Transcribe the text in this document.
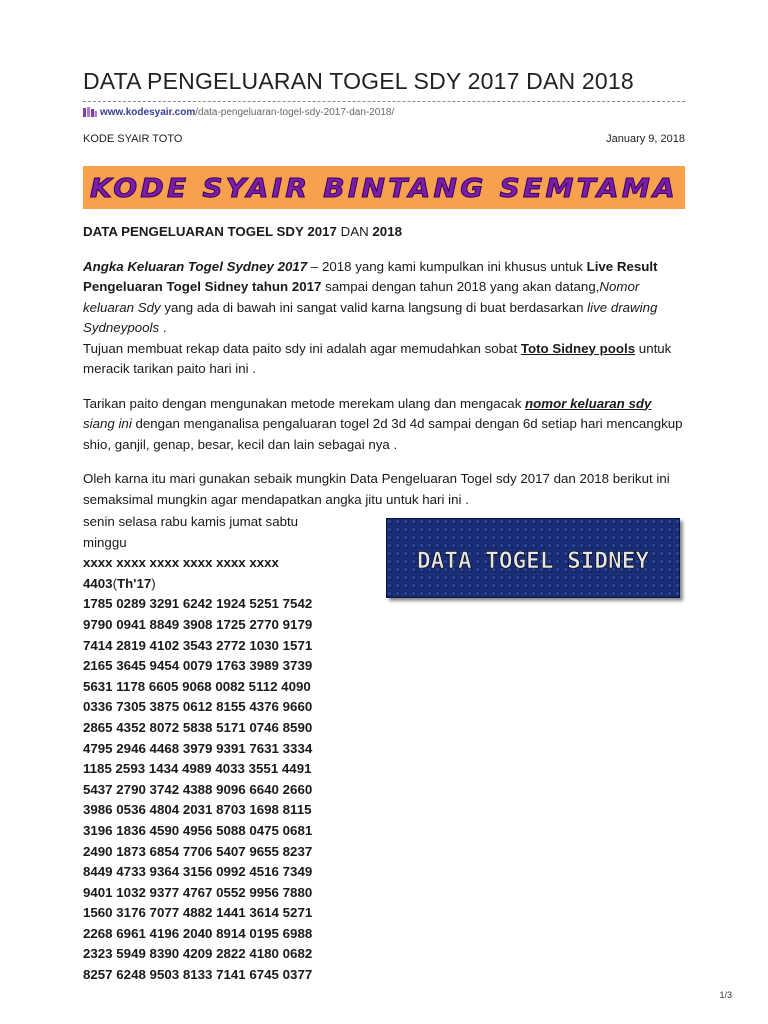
DATA PENGELUARAN TOGEL SDY 2017 DAN 2018
www.kodesyair.com /data-pengeluaran-togel-sdy-2017-dan-2018/
KODE SYAIR TOTO	January 9, 2018
KODE SYAIR BINTANG SEMTAMA

DATA PENGELUARAN TOGEL SDY 2017 DAN 2018

Angka Keluaran Togel Sydney 2017 – 2018 yang kami kumpulkan ini khusus untuk Live Result Pengeluaran Togel Sidney tahun 2017 sampai dengan tahun 2018 yang akan datang,Nomor keluaran Sdy yang ada di bawah ini sangat valid karna langsung di buat berdasarkan live drawing Sydneypools .

Tujuan membuat rekap data paito sdy ini adalah agar memudahkan sobat Toto Sidney pools untuk meracik tarikan paito hari ini .

Tarikan paito dengan mengunakan metode merekam ulang dan mengacak nomor keluaran sdy siang ini dengan menganalisa pengaluaran togel 2d 3d 4d sampai dengan 6d setiap hari mencangkup shio, ganjil, genap, besar, kecil dan lain sebagai nya .

Oleh karna itu mari gunakan sebaik mungkin Data Pengeluaran Togel sdy 2017 dan 2018 berikut ini semaksimal mungkin agar mendapatkan angka jitu untuk hari ini .

senin selasa rabu kamis jumat sabtu
minggu
xxxx xxxx xxxx xxxx xxxx xxxx
4403(Th'17)
1785 0289 3291 6242 1924 5251 7542
9790 0941 8849 3908 1725 2770 9179
7414 2819 4102 3543 2772 1030 1571
2165 3645 9454 0079 1763 3989 3739
5631 1178 6605 9068 0082 5112 4090
0336 7305 3875 0612 8155 4376 9660
2865 4352 8072 5838 5171 0746 8590
4795 2946 4468 3979 9391 7631 3334
1185 2593 1434 4989 4033 3551 4491
5437 2790 3742 4388 9096 6640 2660
3986 0536 4804 2031 8703 1698 8115
3196 1836 4590 4956 5088 0475 0681
2490 1873 6854 7706 5407 9655 8237
8449 4733 9364 3156 0992 4516 7349
9401 1032 9377 4767 0552 9956 7880
1560 3176 7077 4882 1441 3614 5271
2268 6961 4196 2040 8914 0195 6988
2323 5949 8390 4209 2822 4180 0682
8257 6248 9503 8133 7141 6745 0377
DATA TOGEL SIDNEY
1/3
